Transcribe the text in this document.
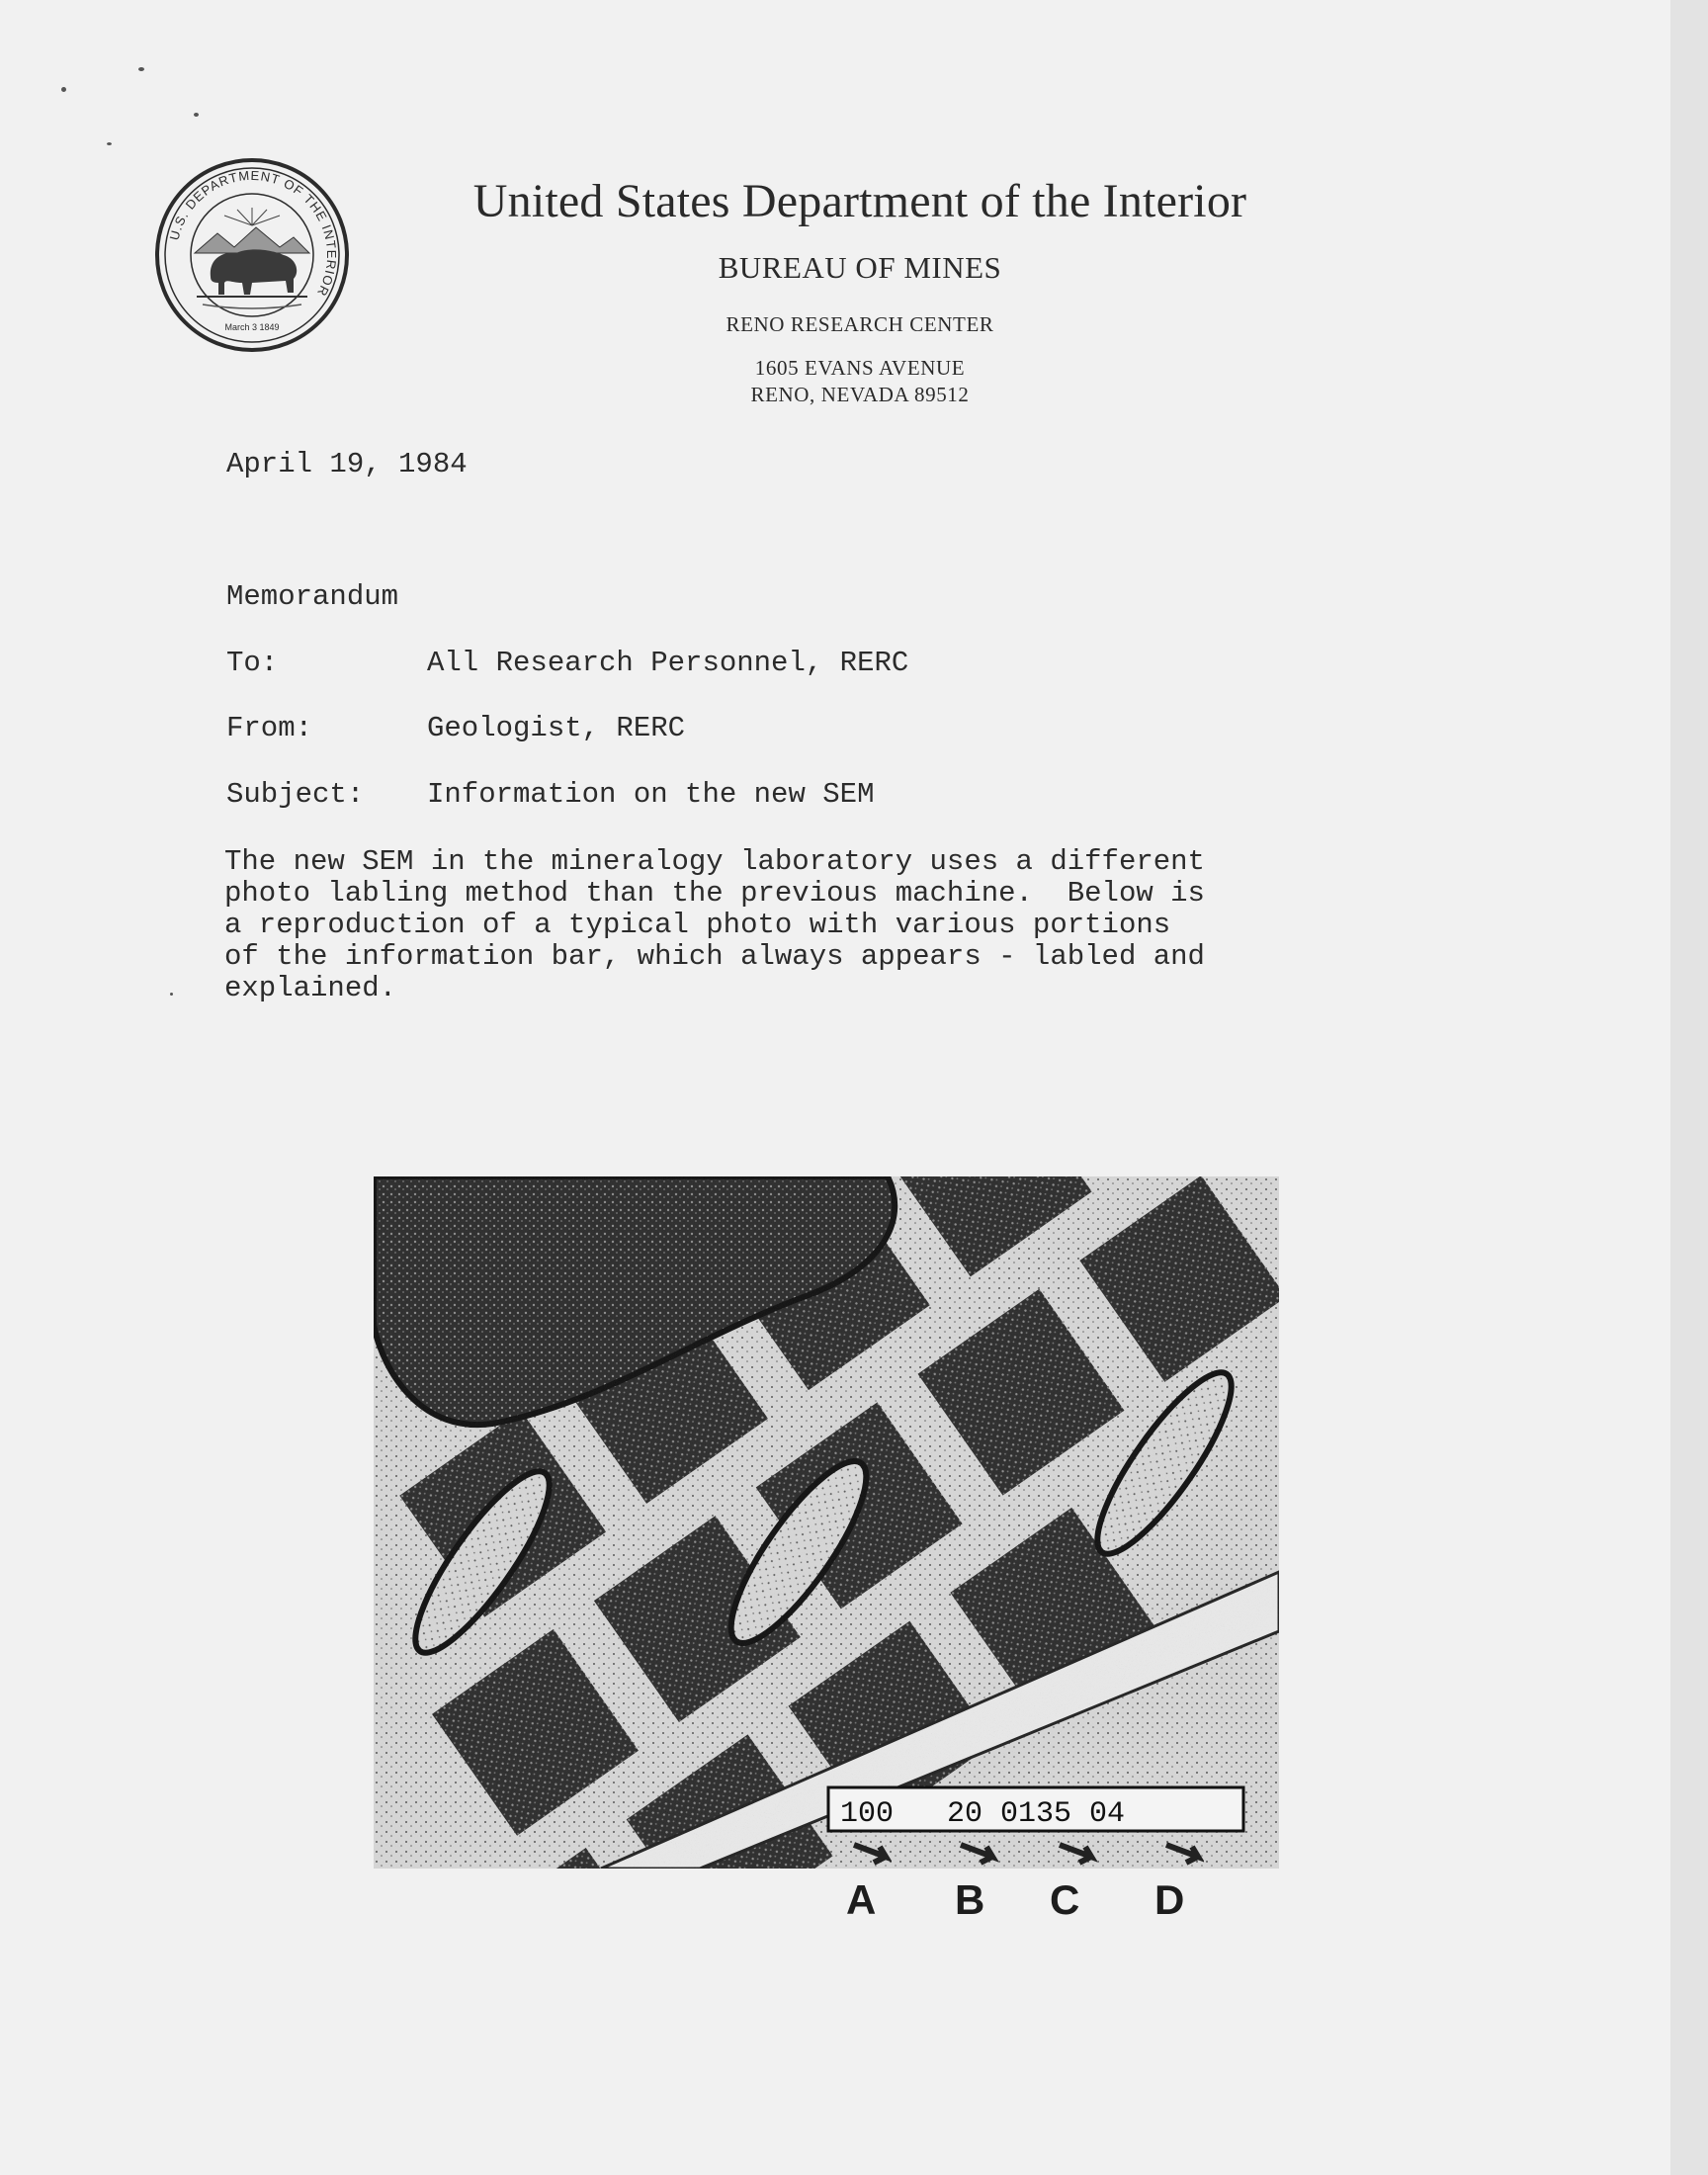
U.S. DEPARTMENT OF THE INTERIOR
March 3 1849
United States Department of the Interior
BUREAU OF MINES
RENO RESEARCH CENTER
1605 EVANS AVENUE
RENO, NEVADA 89512
April 19, 1984
Memorandum
To:	All Research Personnel, RERC
From:	Geologist, RERC
Subject: Information on the new SEM
The new SEM in the mineralogy laboratory uses a different
photo labling method than the previous machine.  Below is
a reproduction of a typical photo with various portions
of the information bar, which always appears - labled and
explained.
100   20 0135 04
A B C D
